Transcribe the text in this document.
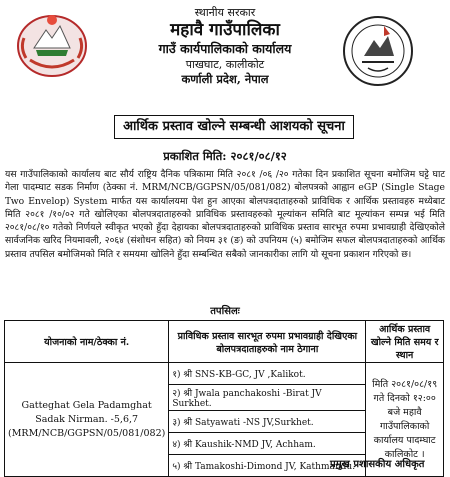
स्थानीय सरकार
महावै गाउँपालिका
गाउँ कार्यपालिकाको कार्यालय
पाखघाट, कालीकोट
कर्णाली प्रदेश, नेपाल
आर्थिक प्रस्ताव खोल्ने सम्बन्धी आशयको सूचना
प्रकाशित मिति: २०८१/०८/१२
यस गाउँपालिकाको कार्यालय बाट सौर्य राष्ट्रिय दैनिक पत्रिकामा मिति २०८१ /०६ /२० गतेका दिन प्रकाशित सूचना बमोजिम घट्टे घाट गेला पादम्घाट सडक निर्माण (ठेक्का नं. MRM/NCB/GGPSN/05/081/082) बोलपत्रको आह्वान eGP (Single Stage Two Envelop) System मार्फत यस कार्यालयमा पेश हुन आएका बोलपत्रदाताहरुको प्राविधिक र आर्थिक प्रस्तावहरु मध्येबाट मिति २०८१ /१०/०२ गते खोलिएका बोलपत्रदाताहरुको प्राविधिक प्रस्तावहरुको मूल्यांकन समिति बाट मूल्यांकन सम्पन्न भई मिति २०८१/०८/१० गतेको निर्णयले स्वीकृत भएको हुँदा देहायका बोलपत्रदाताहरुको प्राविधिक प्रस्ताव सारभूत रुपमा प्रभावग्राही देखिएकोले सार्वजनिक खरिद नियमावली, २०६४ (संशोधन सहित) को नियम ३१ (ङ) को उपनियम (५) बमोजिम सफल बोलपत्रदाताहरुको आर्थिक प्रस्ताव तपसिल बमोजिमको मिति र समयमा खोलिने हुँदा सम्बन्धित सबैको जानकारीका लागि यो सूचना प्रकाशन गरिएको छ।
तपसिलः
योजनाको नाम/ठेक्का नं.	प्राविधिक प्रस्ताव सारभूत रुपमा प्रभावग्राही देखिएका बोलपत्रदाताहरुको नाम ठेगाना	आर्थिक प्रस्ताव खोल्ने मिति समय र स्थान
Gatteghat Gela Padamghat Sadak Nirman. -5,6,7 (MRM/NCB/GGPSN/05/081/082)	१) श्री SNS-KB-GC, JV ,Kalikot.	मिति २०८१/०८/१९ गते दिनको १२:०० बजे महावै गाउँपालिकाको कार्यालय पादम्घाट कालिकोट ।
	२) श्री Jwala panchakoshi -Birat JV Surkhet.	
	३) श्री Satyawati -NS JV,Surkhet.	
	४) श्री Kaushik-NMD JV, Achham.	
	५) श्री Tamakoshi-Dimond JV, Kathmandu.	
प्रमुख प्रशासकीय अधिकृत
